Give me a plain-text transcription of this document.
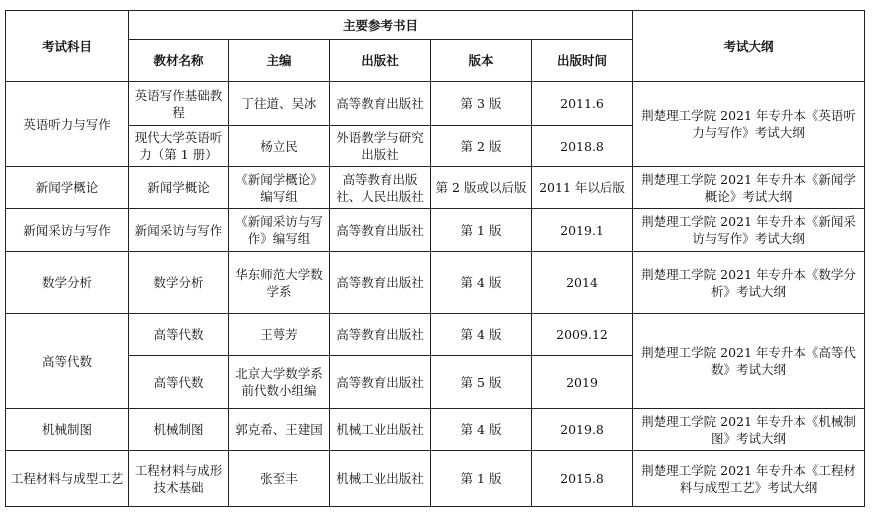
考试科目	主要参考书目					考试大纲
	教材名称	主编	出版社	版本	出版时间	
英语听力与写作	英语写作基础教程	丁往道、吴冰	高等教育出版社	第 3 版	2011.6	荆楚理工学院 2021 年专升本《英语听力与写作》考试大纲
	现代大学英语听力（第 1 册）	杨立民	外语教学与研究出版社	第 2 版	2018.8	
新闻学概论	新闻学概论	《新闻学概论》编写组	高等教育出版社、人民出版社	第 2 版或以后版	2011 年以后版	荆楚理工学院 2021 年专升本《新闻学概论》考试大纲
新闻采访与写作	新闻采访与写作	《新闻采访与写作》编写组	高等教育出版社	第 1 版	2019.1	荆楚理工学院 2021 年专升本《新闻采访与写作》考试大纲
数学分析	数学分析	华东师范大学数学系	高等教育出版社	第 4 版	2014	荆楚理工学院 2021 年专升本《数学分析》考试大纲
高等代数	高等代数	王萼芳	高等教育出版社	第 4 版	2009.12	荆楚理工学院 2021 年专升本《高等代数》考试大纲
	高等代数	北京大学数学系前代数小组编	高等教育出版社	第 5 版	2019	
机械制图	机械制图	郭克希、王建国	机械工业出版社	第 4 版	2019.8	荆楚理工学院 2021 年专升本《机械制图》考试大纲
工程材料与成型工艺	工程材料与成形技术基础	张至丰	机械工业出版社	第 1 版	2015.8	荆楚理工学院 2021 年专升本《工程材料与成型工艺》考试大纲
